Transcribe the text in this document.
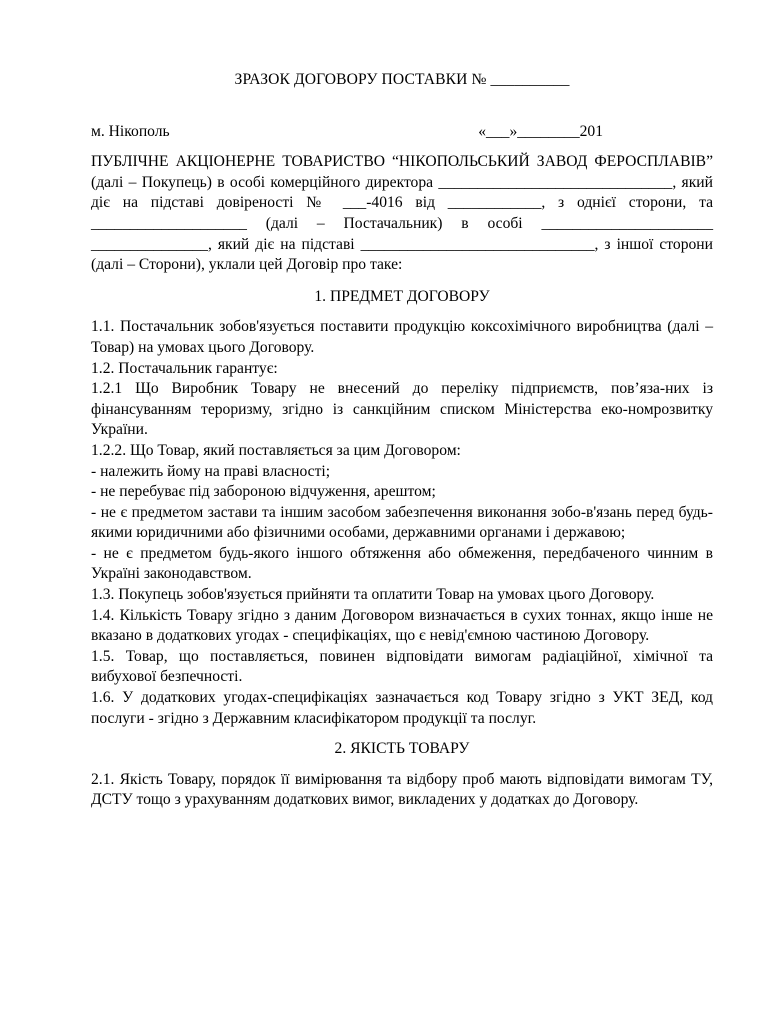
ЗРАЗОК ДОГОВОРУ ПОСТАВКИ № __________

м. Нікополь	«___»________201

ПУБЛІЧНЕ АКЦІОНЕРНЕ ТОВАРИСТВО “НІКОПОЛЬСЬКИЙ ЗАВОД ФЕРОСПЛАВІВ” (далі – Покупець) в особі комерційного директора ______________________________, який діє на підставі довіреності № ___-4016 від ____________, з однієї сторони, та ____________________ (далі – Постачальник) в особі ______________________ _______________, який діє на підставі ______________________________, з іншої сторони (далі – Сторони), уклали цей Договір про таке:

1. ПРЕДМЕТ ДОГОВОРУ

1.1. Постачальник зобов'язується поставити продукцію коксохімічного виробництва (далі – Товар) на умовах цього Договору.

1.2. Постачальник гарантує:

1.2.1 Що Виробник Товару не внесений до переліку підприємств, пов’яза-них із фінансуванням тероризму, згідно із санкційним списком Міністерства еко-номрозвитку України.

1.2.2. Що Товар, який поставляється за цим Договором:

- належить йому на праві власності;

- не перебуває під забороною відчуження, арештом;

- не є предметом застави та іншим засобом забезпечення виконання зобо-в'язань перед будь-якими юридичними або фізичними особами, державними органами і державою;

- не є предметом будь-якого іншого обтяження або обмеження, передбаченого чинним в Україні законодавством.

1.3. Покупець зобов'язується прийняти та оплатити Товар на умовах цього Договору.

1.4. Кількість Товару згідно з даним Договором визначається в сухих тоннах, якщо інше не вказано в додаткових угодах - специфікаціях, що є невід'ємною частиною Договору.

1.5. Товар, що поставляється, повинен відповідати вимогам радіаційної, хімічної та вибухової безпечності.

1.6. У додаткових угодах-специфікаціях зазначається код Товару згідно з УКТ ЗЕД, код послуги - згідно з Державним класифікатором продукції та послуг.

2. ЯКІСТЬ ТОВАРУ

2.1. Якість Товару, порядок її вимірювання та відбору проб мають відповідати вимогам ТУ, ДСТУ тощо з урахуванням додаткових вимог, викладених у додатках до Договору.
